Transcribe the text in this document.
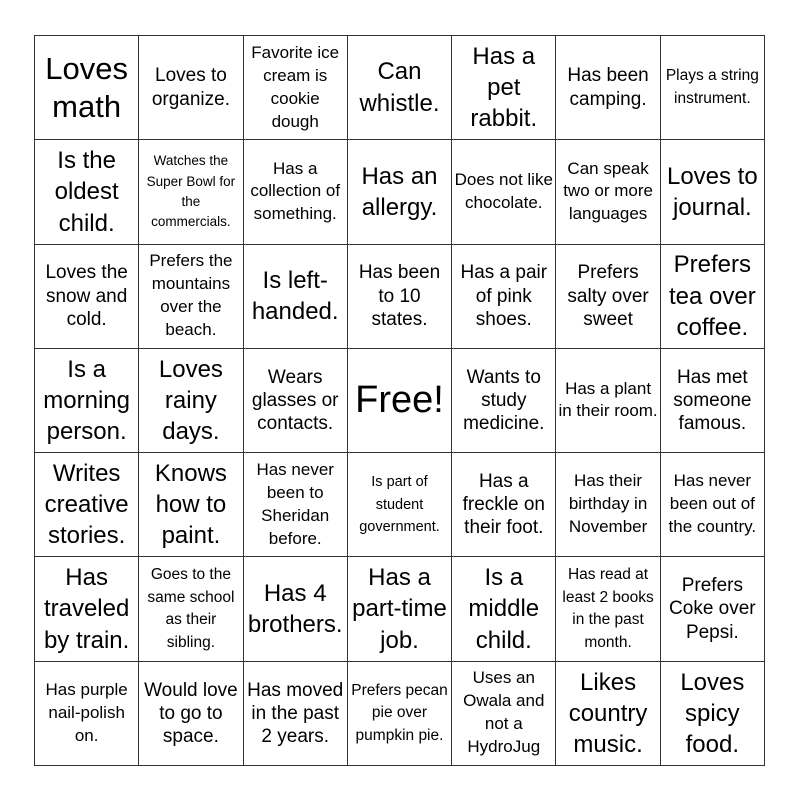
Loves math
Loves to organize.
Favorite ice cream is cookie dough
Can whistle.
Has a pet rabbit.
Has been camping.
Plays a string instrument.
Is the oldest child.
Watches the Super Bowl for the commercials.
Has a collection of something.
Has an allergy.
Does not like chocolate.
Can speak two or more languages
Loves to journal.
Loves the snow and cold.
Prefers the mountains over the beach.
Is left-handed.
Has been to 10 states.
Has a pair of pink shoes.
Prefers salty over sweet
Prefers tea over coffee.
Is a morning person.
Loves rainy days.
Wears glasses or contacts.
Free!
Wants to study medicine.
Has a plant in their room.
Has met someone famous.
Writes creative stories.
Knows how to paint.
Has never been to Sheridan before.
Is part of student government.
Has a freckle on their foot.
Has their birthday in November
Has never been out of the country.
Has traveled by train.
Goes to the same school as their sibling.
Has 4 brothers.
Has a part-time job.
Is a middle child.
Has read at least 2 books in the past month.
Prefers Coke over Pepsi.
Has purple nail-polish on.
Would love to go to space.
Has moved in the past 2 years.
Prefers pecan pie over pumpkin pie.
Uses an Owala and not a HydroJug
Likes country music.
Loves spicy food.
